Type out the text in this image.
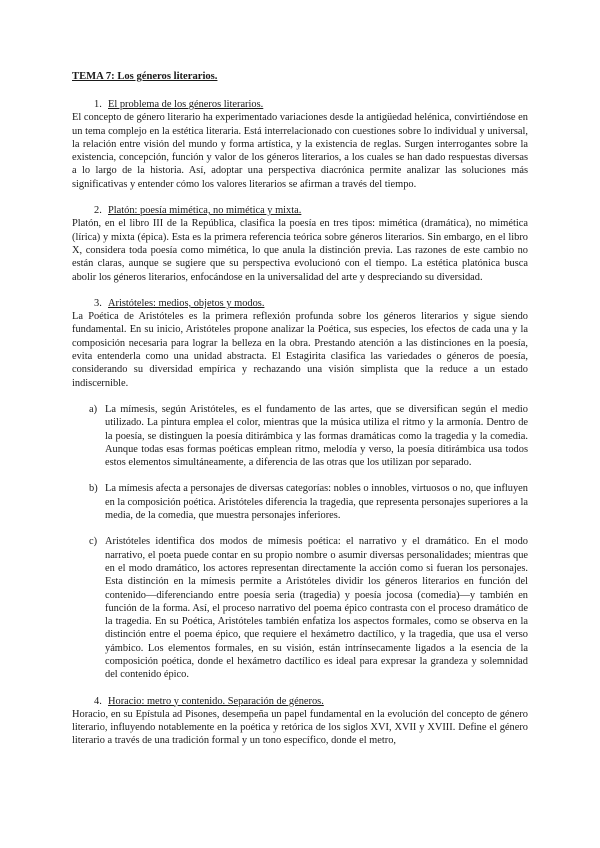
TEMA 7: Los géneros literarios.

1. El problema de los géneros literarios.

El concepto de género literario ha experimentado variaciones desde la antigüedad helénica, convirtiéndose en un tema complejo en la estética literaria. Está interrelacionado con cuestiones sobre lo individual y universal, la relación entre visión del mundo y forma artística, y la existencia de reglas. Surgen interrogantes sobre la existencia, concepción, función y valor de los géneros literarios, a los cuales se han dado respuestas diversas a lo largo de la historia. Así, adoptar una perspectiva diacrónica permite analizar las soluciones más significativas y entender cómo los valores literarios se afirman a través del tiempo.

2. Platón: poesía mimética, no mimética y mixta.

Platón, en el libro III de la República, clasifica la poesía en tres tipos: mimética (dramática), no mimética (lírica) y mixta (épica). Esta es la primera referencia teórica sobre géneros literarios. Sin embargo, en el libro X, considera toda poesía como mimética, lo que anula la distinción previa. Las razones de este cambio no están claras, aunque se sugiere que su perspectiva evolucionó con el tiempo. La estética platónica busca abolir los géneros literarios, enfocándose en la universalidad del arte y despreciando su diversidad.

3. Aristóteles: medios, objetos y modos.

La Poética de Aristóteles es la primera reflexión profunda sobre los géneros literarios y sigue siendo fundamental. En su inicio, Aristóteles propone analizar la Poética, sus especies, los efectos de cada una y la composición necesaria para lograr la belleza en la obra. Prestando atención a las distinciones en la poesía, evita entenderla como una unidad abstracta. El Estagirita clasifica las variedades o géneros de poesía, considerando su diversidad empírica y rechazando una visión simplista que la reduce a un estado indiscernible.

a) La mímesis, según Aristóteles, es el fundamento de las artes, que se diversifican según el medio utilizado. La pintura emplea el color, mientras que la música utiliza el ritmo y la armonía. Dentro de la poesía, se distinguen la poesía ditirámbica y las formas dramáticas como la tragedia y la comedia. Aunque todas esas formas poéticas emplean ritmo, melodía y verso, la poesía ditirámbica usa todos estos elementos simultáneamente, a diferencia de las otras que los utilizan por separado.

b) La mímesis afecta a personajes de diversas categorías: nobles o innobles, virtuosos o no, que influyen en la composición poética. Aristóteles diferencia la tragedia, que representa personajes superiores a la media, de la comedia, que muestra personajes inferiores.

c) Aristóteles identifica dos modos de mímesis poética: el narrativo y el dramático. En el modo narrativo, el poeta puede contar en su propio nombre o asumir diversas personalidades; mientras que en el modo dramático, los actores representan directamente la acción como si fueran los personajes. Esta distinción en la mímesis permite a Aristóteles dividir los géneros literarios en función del contenido—diferenciando entre poesía seria (tragedia) y poesía jocosa (comedia)—y también en función de la forma. Así, el proceso narrativo del poema épico contrasta con el proceso dramático de la tragedia. En su Poética, Aristóteles también enfatiza los aspectos formales, como se observa en la distinción entre el poema épico, que requiere el hexámetro dactílico, y la tragedia, que usa el verso yámbico. Los elementos formales, en su visión, están intrínsecamente ligados a la esencia de la composición poética, donde el hexámetro dactílico es ideal para expresar la grandeza y solemnidad del contenido épico.

4. Horacio: metro y contenido. Separación de géneros.

Horacio, en su Epístula ad Pisones, desempeña un papel fundamental en la evolución del concepto de género literario, influyendo notablemente en la poética y retórica de los siglos XVI, XVII y XVIII. Define el género literario a través de una tradición formal y un tono específico, donde el metro,
